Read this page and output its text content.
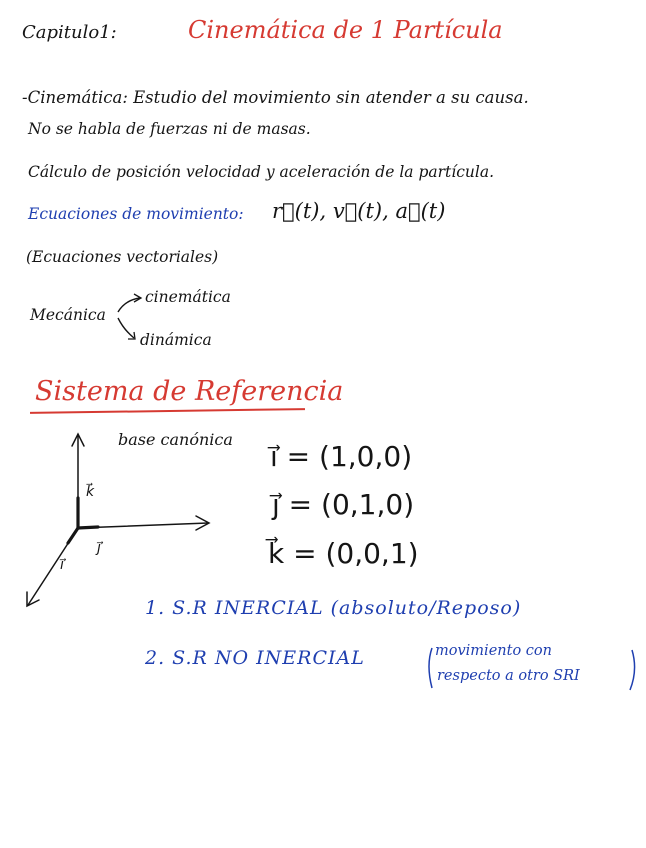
Capitulo1:	Cinemática de 1 Partícula
-Cinemática: Estudio del movimiento sin atender a su causa.
No se habla de fuerzas ni de masas.
Cálculo de posición velocidad y aceleración de la partícula.
Ecuaciones de movimiento: r⃗(t), v⃗(t), a⃗(t)
(Ecuaciones vectoriales)
Mecánica
cinemática
dinámica
Sistema de Referencia
base canónica
i⃗ = (1,0,0)
j⃗ = (0,1,0)
k⃗ = (0,0,1)
k⃗
j⃗
i⃗
1. S.R INERCIAL (absoluto/Reposo)
2. S.R NO INERCIAL	movimiento con
respecto a otro SRI
